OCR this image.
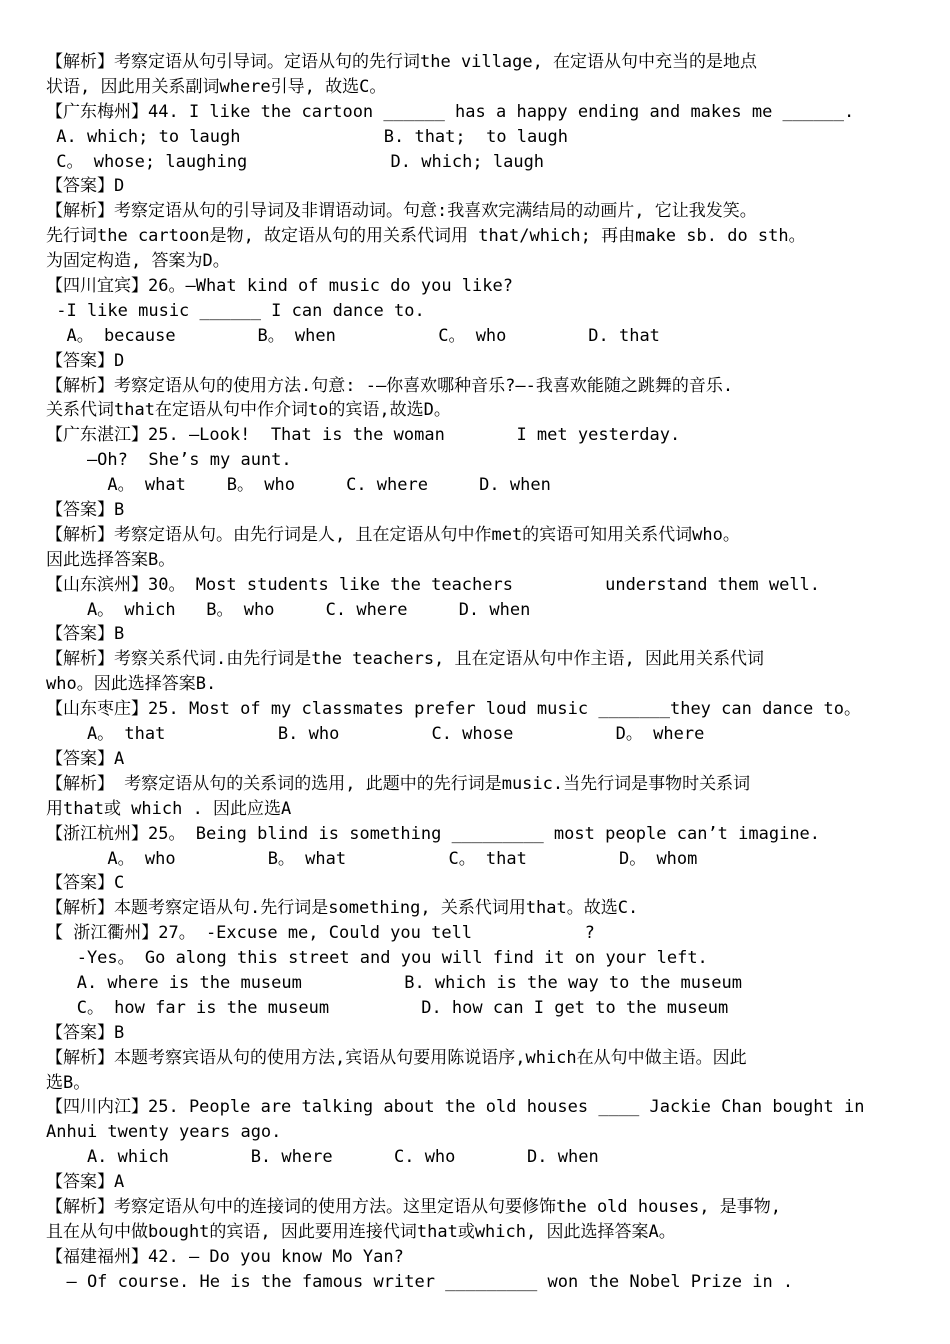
【解析】考察定语从句引导词。定语从句的先行词the village, 在定语从句中充当的是地点
状语, 因此用关系副词where引导, 故选C。
【广东梅州】44. I like the cartoon ______ has a happy ending and makes me ______.
A. which; to laugh              B. that;  to laugh
C。 whose; laughing              D. which; laugh
【答案】D
【解析】考察定语从句的引导词及非谓语动词。句意:我喜欢完满结局的动画片, 它让我发笑。
先行词the cartoon是物, 故定语从句的用关系代词用 that/which; 再由make sb. do sth。
为固定构造, 答案为D。
【四川宜宾】26。—What kind of music do you like?
-I like music ______ I can dance to.
A。 because        B。 when          C。 who        D. that
【答案】D
【解析】考察定语从句的使用方法.句意: -—你喜欢哪种音乐?—-我喜欢能随之跳舞的音乐.
关系代词that在定语从句中作介词to的宾语,故选D。
【广东湛江】25. —Look!  That is the woman       I met yesterday.
—Oh?  She’s my aunt.
A。 what    B。 who     C. where     D. when
【答案】B
【解析】考察定语从句。由先行词是人, 且在定语从句中作met的宾语可知用关系代词who。
因此选择答案B。
【山东滨州】30。 Most students like the teachers         understand them well.
A。 which   B。 who     C. where     D. when
【答案】B
【解析】考察关系代词.由先行词是the teachers, 且在定语从句中作主语, 因此用关系代词
who。因此选择答案B.
【山东枣庄】25. Most of my classmates prefer loud music _______they can dance to。
A。 that           B. who         C. whose          D。 where
【答案】A
【解析】 考察定语从句的关系词的选用, 此题中的先行词是music.当先行词是事物时关系词
用that或 which . 因此应选A
【浙江杭州】25。 Being blind is something _________ most people can’t imagine.
A。 who         B。 what          C。 that         D。 whom
【答案】C
【解析】本题考察定语从句.先行词是something, 关系代词用that。故选C.
【 浙江衢州】27。 -Excuse me, Could you tell           ?
-Yes。 Go along this street and you will find it on your left.
A. where is the museum          B. which is the way to the museum
C。 how far is the museum         D. how can I get to the museum
【答案】B
【解析】本题考察宾语从句的使用方法,宾语从句要用陈说语序,which在从句中做主语。因此
选B。
【四川内江】25. People are talking about the old houses ____ Jackie Chan bought in
Anhui twenty years ago.
A. which        B. where      C. who       D. when
【答案】A
【解析】考察定语从句中的连接词的使用方法。这里定语从句要修饰the old houses, 是事物,
且在从句中做bought的宾语, 因此要用连接代词that或which, 因此选择答案A。
【福建福州】42. — Do you know Mo Yan?
— Of course. He is the famous writer _________ won the Nobel Prize in .
